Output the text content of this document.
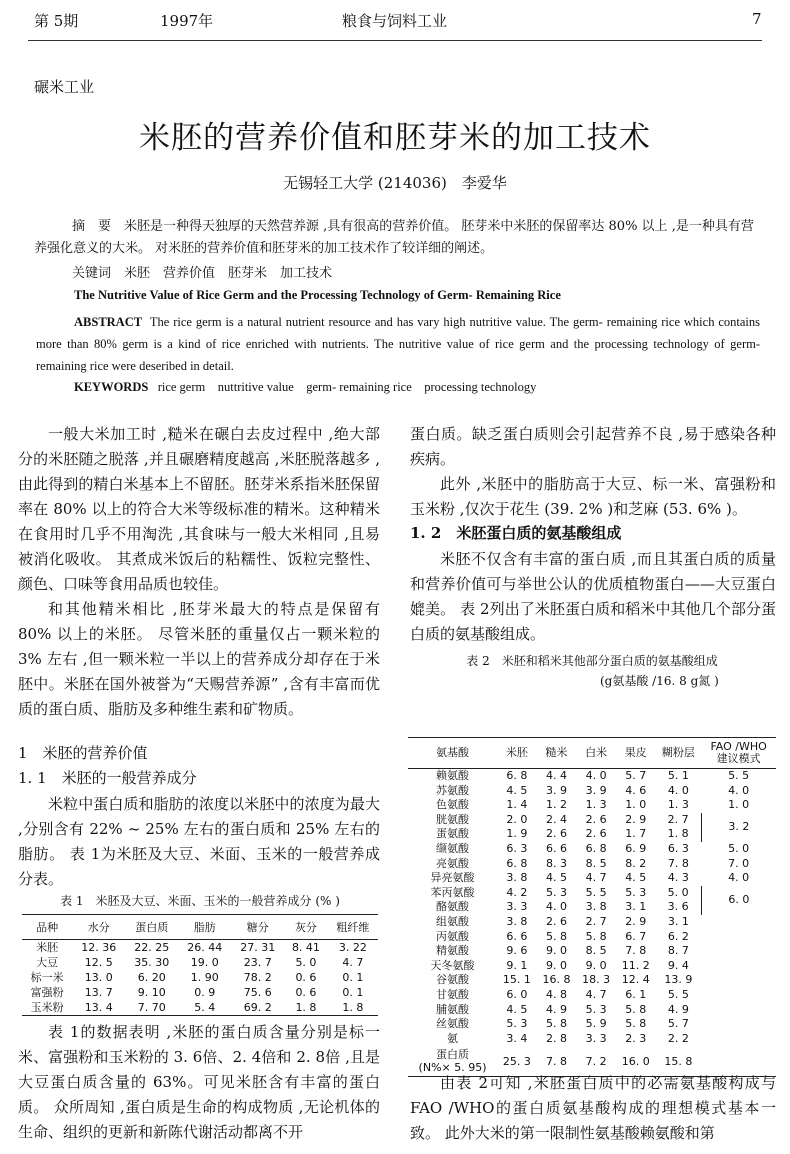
第 5期	1997年	粮食与饲料工业	7
碾米工业
米胚的营养价值和胚芽米的加工技术
无锡轻工大学 (214036)　李爱华
摘　要　米胚是一种得天独厚的天然营养源 ,具有很高的营养价值。 胚芽米中米胚的保留率达 80% 以上 ,是一种具有营养强化意义的大米。 对米胚的营养价值和胚芽米的加工技术作了较详细的阐述。
关键词　米胚　营养价值　胚芽米　加工技术
The Nutritive Value of Rice Germ and the Processing Technology of Germ- Remaining Rice
ABSTRACT The rice germ is a natural nutrient resource and has vary high nutritive value. The germ- remaining rice which contains more than 80% germ is a kind of rice enriched with nutrients. The nutritive value of rice germ and the processing technology of germ- remaining rice were deseribed in detail.
KEYWORDS rice germ　nuttritive value　germ- remaining rice　processing technology

一般大米加工时 ,糙米在碾白去皮过程中 ,绝大部分的米胚随之脱落 ,并且碾磨精度越高 ,米胚脱落越多 ,由此得到的精白米基本上不留胚。胚芽米系指米胚保留率在 80% 以上的符合大米等级标准的精米。这种精米在食用时几乎不用淘洗 ,其食味与一般大米相同 ,且易被消化吸收。 其煮成米饭后的粘糯性、饭粒完整性、颜色、口味等食用品质也较佳。

和其他精米相比 ,胚芽米最大的特点是保留有 80% 以上的米胚。 尽管米胚的重量仅占一颗米粒的 3% 左右 ,但一颗米粒一半以上的营养成分却存在于米胚中。米胚在国外被誉为“天赐营养源” ,含有丰富而优质的蛋白质、脂肪及多种维生素和矿物质。

1　米胚的营养价值
1. 1　米胚的一般营养成分

米粒中蛋白质和脂肪的浓度以米胚中的浓度为最大 ,分别含有 22% ~ 25% 左右的蛋白质和 25% 左右的脂肪。 表 1为米胚及大豆、米面、玉米的一般营养成分表。

表 1　米胚及大豆、米面、玉米的一般营养成分 (% )
品种	水分	蛋白质	脂肪	糖分	灰分	粗纤维
米胚	12. 36	22. 25	26. 44	27. 31	8. 41	3. 22
大豆	12. 5	35. 30	19. 0	23. 7	5. 0	4. 7
标一米	13. 0	6. 20	1. 90	78. 2	0. 6	0. 1
富强粉	13. 7	9. 10	0. 9	75. 6	0. 6	0. 1
玉米粉	13. 4	7. 70	5. 4	69. 2	1. 8	1. 8

表 1的数据表明 ,米胚的蛋白质含量分别是标一米、富强粉和玉米粉的 3. 6倍、2. 4倍和 2. 8倍 ,且是大豆蛋白质含量的 63%。可见米胚含有丰富的蛋白质。 众所周知 ,蛋白质是生命的构成物质 ,无论机体的生命、组织的更新和新陈代谢活动都离不开

蛋白质。缺乏蛋白质则会引起营养不良 ,易于感染各种疾病。

此外 ,米胚中的脂肪高于大豆、标一米、富强粉和玉米粉 ,仅次于花生 (39. 2% )和芝麻 (53. 6% )。

1. 2　米胚蛋白质的氨基酸组成

米胚不仅含有丰富的蛋白质 ,而且其蛋白质的质量和营养价值可与举世公认的优质植物蛋白——大豆蛋白媲美。 表 2列出了米胚蛋白质和稻米中其他几个部分蛋白质的氨基酸组成。

表 2　米胚和稻米其他部分蛋白质的氨基酸组成
(g氨基酸 /16. 8 g氮 )
氨基酸	米胚	糙米	白米	果皮	糊粉层	FAO /WHO
建议模式
赖氨酸	6. 8	4. 4	4. 0	5. 7	5. 1	5. 5
苏氨酸	4. 5	3. 9	3. 9	4. 6	4. 0	4. 0
色氨酸	1. 4	1. 2	1. 3	1. 0	1. 3	1. 0
胱氨酸	2. 0	2. 4	2. 6	2. 9	2. 7	3. 2
蛋氨酸	1. 9	2. 6	2. 6	1. 7	1. 8	
缬氨酸	6. 3	6. 6	6. 8	6. 9	6. 3	5. 0
亮氨酸	6. 8	8. 3	8. 5	8. 2	7. 8	7. 0
异亮氨酸	3. 8	4. 5	4. 7	4. 5	4. 3	4. 0
苯丙氨酸	4. 2	5. 3	5. 5	5. 3	5. 0	6. 0
酪氨酸	3. 3	4. 0	3. 8	3. 1	3. 6	
组氨酸	3. 8	2. 6	2. 7	2. 9	3. 1	
丙氨酸	6. 6	5. 8	5. 8	6. 7	6. 2	
精氨酸	9. 6	9. 0	8. 5	7. 8	8. 7	
天冬氨酸	9. 1	9. 0	9. 0	11. 2	9. 4	
谷氨酸	15. 1	16. 8	18. 3	12. 4	13. 9	
甘氨酸	6. 0	4. 8	4. 7	6. 1	5. 5	
脯氨酸	4. 5	4. 9	5. 3	5. 8	4. 9	
丝氨酸	5. 3	5. 8	5. 9	5. 8	5. 7	
氨	3. 4	2. 8	3. 3	2. 3	2. 2	
蛋白质
(N%× 5. 95)	25. 3	7. 8	7. 2	16. 0	15. 8	

由表 2可知 ,米胚蛋白质中的必需氨基酸构成与 FAO /WHO的蛋白质氨基酸构成的理想模式基本一致。 此外大米的第一限制性氨基酸赖氨酸和第
